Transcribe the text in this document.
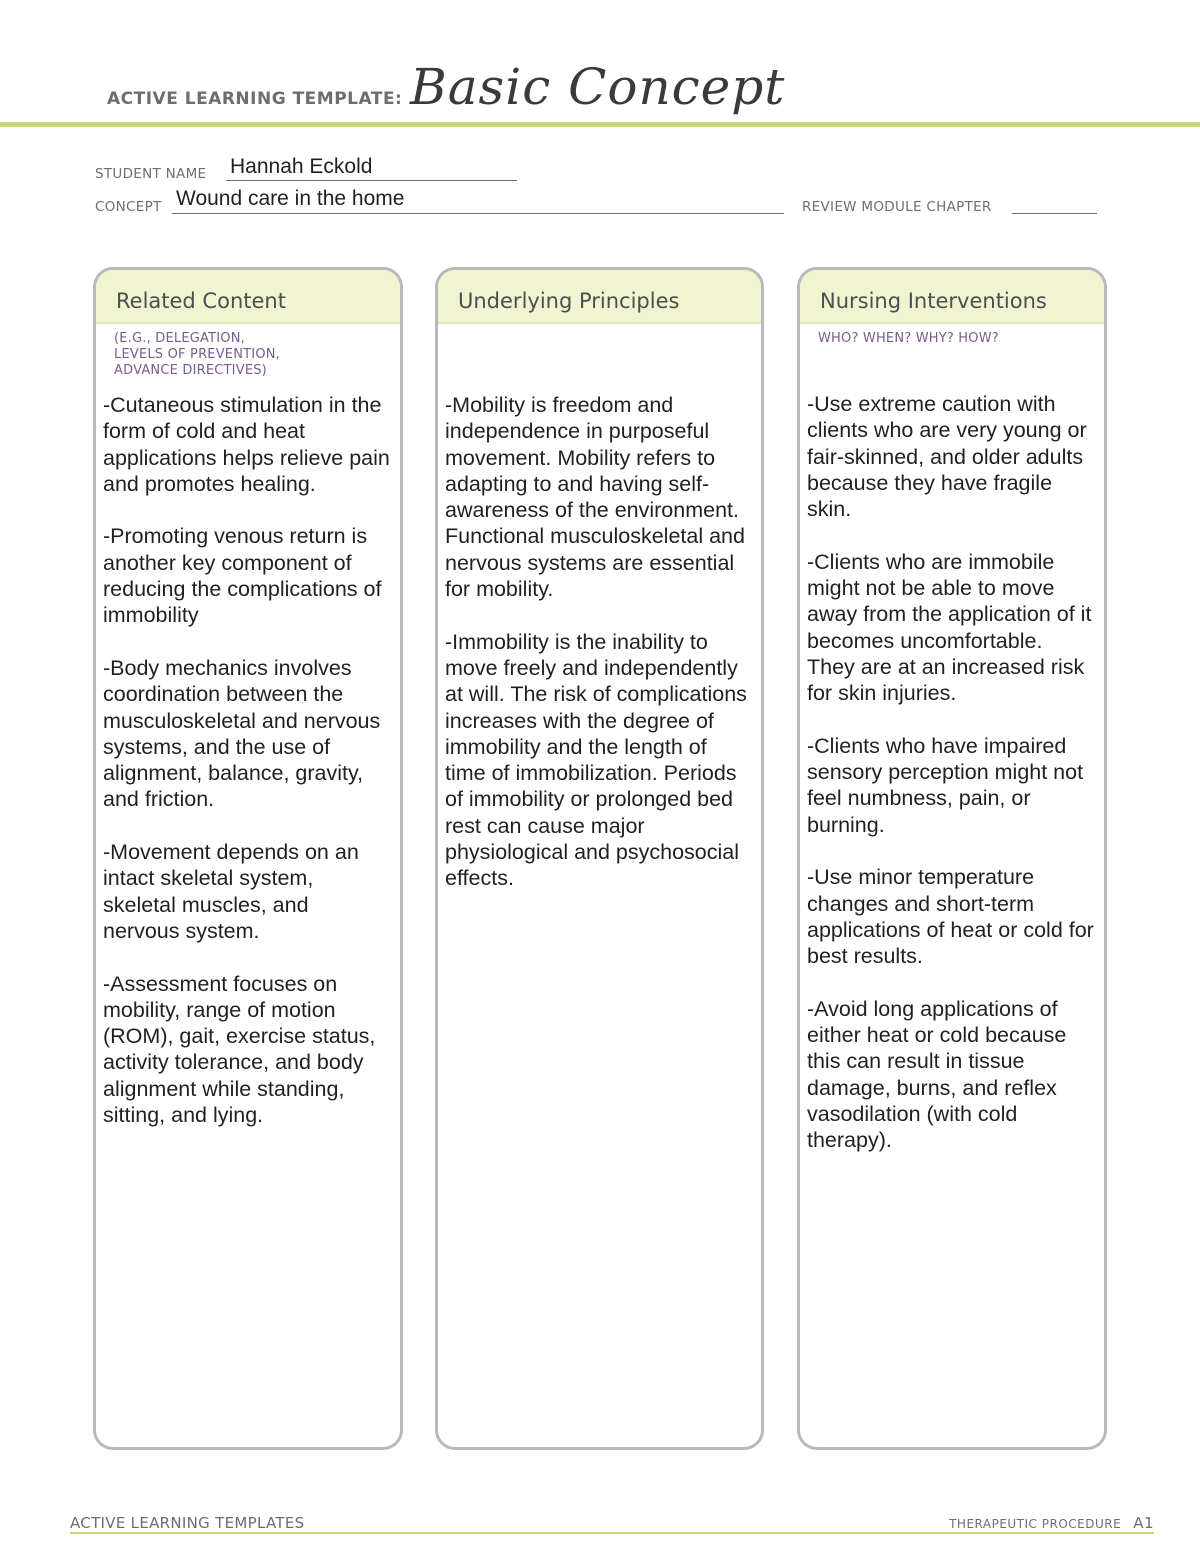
ACTIVE LEARNING TEMPLATE: Basic Concept
STUDENT NAME Hannah Eckold
CONCEPT Wound care in the home	REVIEW MODULE CHAPTER
Related Content
(E.G., DELEGATION,
LEVELS OF PREVENTION,
ADVANCE DIRECTIVES)

-Cutaneous stimulation in the form of cold and heat applications helps relieve pain and promotes healing.

-Promoting venous return is another key component of reducing the complications of immobility

-Body mechanics involves coordination between the musculoskeletal and nervous systems, and the use of alignment, balance, gravity, and friction.

-Movement depends on an intact skeletal system, skeletal muscles, and nervous system.

-Assessment focuses on mobility, range of motion (ROM), gait, exercise status, activity tolerance, and body alignment while standing, sitting, and lying.

Underlying Principles

-Mobility is freedom and independence in purposeful movement. Mobility refers to adapting to and having self-awareness of the environment. Functional musculoskeletal and nervous systems are essential for mobility.

-Immobility is the inability to move freely and independently at will. The risk of complications increases with the degree of immobility and the length of time of immobilization. Periods of immobility or prolonged bed rest can cause major physiological and psychosocial effects.

Nursing Interventions
WHO? WHEN? WHY? HOW?

-Use extreme caution with clients who are very young or fair-skinned, and older adults because they have fragile skin.

-Clients who are immobile might not be able to move away from the application of it becomes uncomfortable. They are at an increased risk for skin injuries.

-Clients who have impaired sensory perception might not feel numbness, pain, or burning.

-Use minor temperature changes and short-term applications of heat or cold for best results.

-Avoid long applications of either heat or cold because this can result in tissue damage, burns, and reflex vasodilation (with cold therapy).

ACTIVE LEARNING TEMPLATES	THERAPEUTIC PROCEDURE A1
